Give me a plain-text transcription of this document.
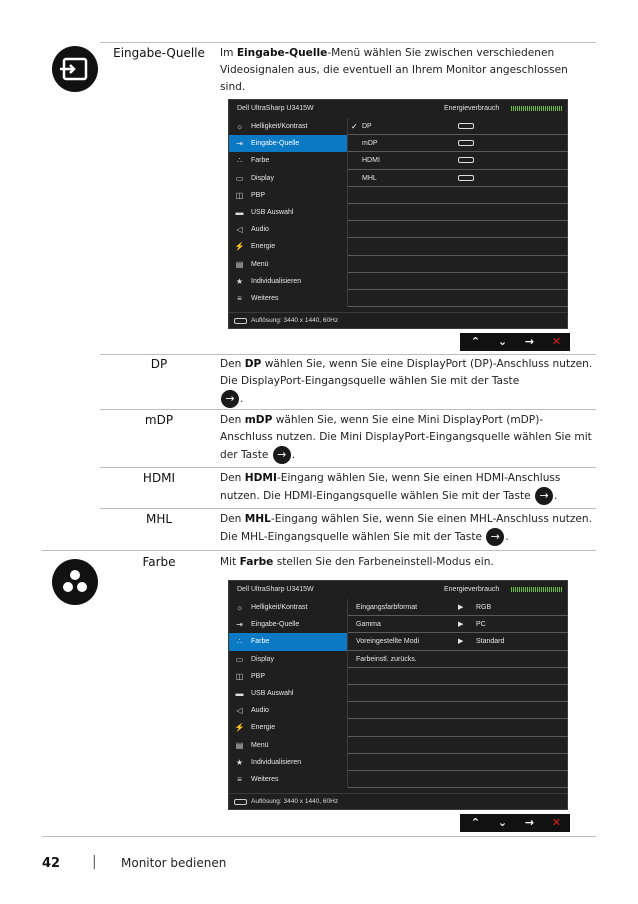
Eingabe-Quelle	Im Eingabe-Quelle-Menü wählen Sie zwischen verschiedenen Videosignalen aus, die eventuell an Ihrem Monitor angeschlossen sind.
Dell UltraSharp U3415W	Energieverbrauch
☼ Helligkeit/Kontrast
⇥	Eingabe-Quelle
∴	Farbe
▭ Display
◫ PBP
▬ USB Auswahl
◁	Audio
⚡ Energie
▤ Menü
★ Individualisieren
≡	Weiteres
✓ DP
mDP
HDMI
MHL
Auflösung: 3440 x 1440, 60Hz
⌃	⌄	→	✕
DP	Den DP wählen Sie, wenn Sie eine DisplayPort (DP)-Anschluss nutzen. Die DisplayPort-Eingangsquelle wählen Sie mit der Taste
→ .
mDP	Den mDP wählen Sie, wenn Sie eine Mini DisplayPort (mDP)-Anschluss nutzen. Die Mini DisplayPort-Eingangsquelle wählen Sie mit der Taste → .
HDMI	Den HDMI-Eingang wählen Sie, wenn Sie einen HDMI-Anschluss nutzen. Die HDMI-Eingangsquelle wählen Sie mit der Taste → .
MHL	Den MHL-Eingang wählen Sie, wenn Sie einen MHL-Anschluss nutzen. Die MHL-Eingangsquelle wählen Sie mit der Taste → .
Farbe	Mit Farbe stellen Sie den Farbeneinstell-Modus ein.
Dell UltraSharp U3415W	Energieverbrauch
☼ Helligkeit/Kontrast
⇥	Eingabe-Quelle
∴	Farbe
▭ Display
◫ PBP
▬ USB Auswahl
◁	Audio
⚡ Energie
▤ Menü
★ Individualisieren
≡	Weiteres
Eingangsfarbformat	▶ RGB
Gamma	▶ PC
Voreingestellte Modi	▶ Standard
Farbeinstl. zurücks.
Auflösung: 3440 x 1440, 60Hz
⌃	⌄	→	✕
42 | Monitor bedienen
